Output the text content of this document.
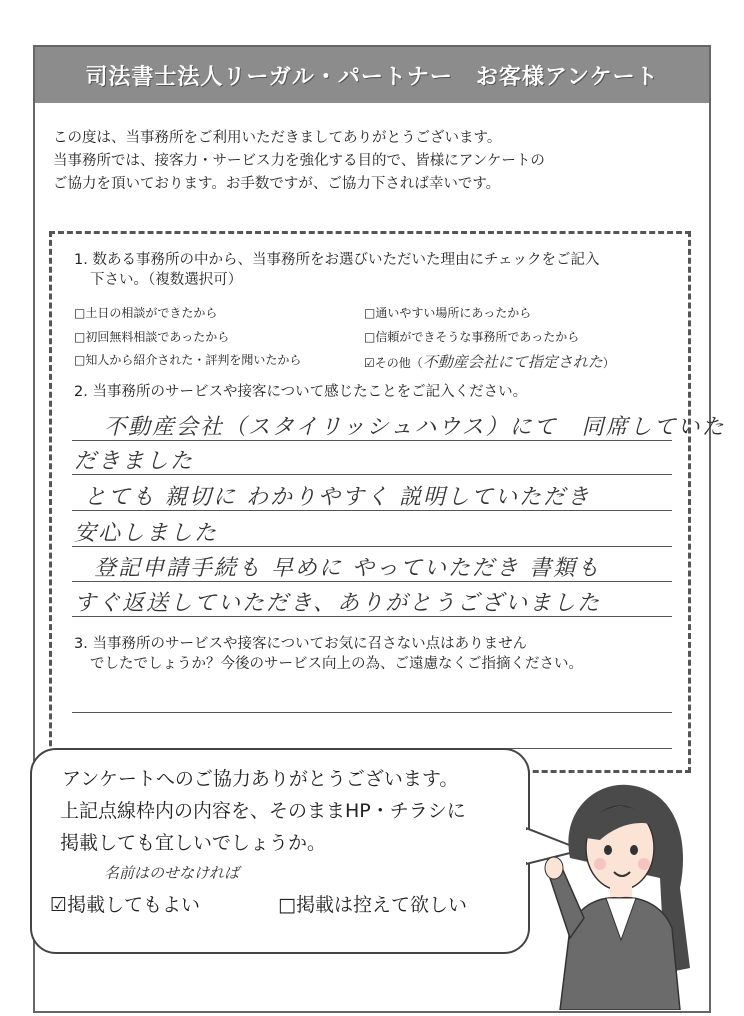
司法書士法人リーガル・パートナー　お客様アンケート
この度は、当事務所をご利用いただきましてありがとうございます。
当事務所では、接客力・サービス力を強化する目的で、皆様にアンケートの
ご協力を頂いております。お手数ですが、ご協力下されば幸いです。
1. 数ある事務所の中から、当事務所をお選びいただいた理由にチェックをご記入
下さい。（複数選択可）
□土日の相談ができたから	□通いやすい場所にあったから
□初回無料相談であったから	□信頼ができそうな事務所であったから
□知人から紹介された・評判を聞いたから	☑その他（不動産会社にて指定された）
2. 当事務所のサービスや接客について感じたことをご記入ください。
不動産会社（スタイリッシュハウス）にて　同席していた
だきました
とても 親切に わかりやすく 説明していただき
安心しました
登記申請手続も 早めに やっていただき 書類も
すぐ返送していただき、ありがとうございました
3. 当事務所のサービスや接客についてお気に召さない点はありません
でしたでしょうか？今後のサービス向上の為、ご遠慮なくご指摘ください。
アンケートへのご協力ありがとうございます。
上記点線枠内の内容を、そのままHP・チラシに
掲載しても宜しいでしょうか。
名前はのせなければ
☑掲載してもよい	□掲載は控えて欲しい
